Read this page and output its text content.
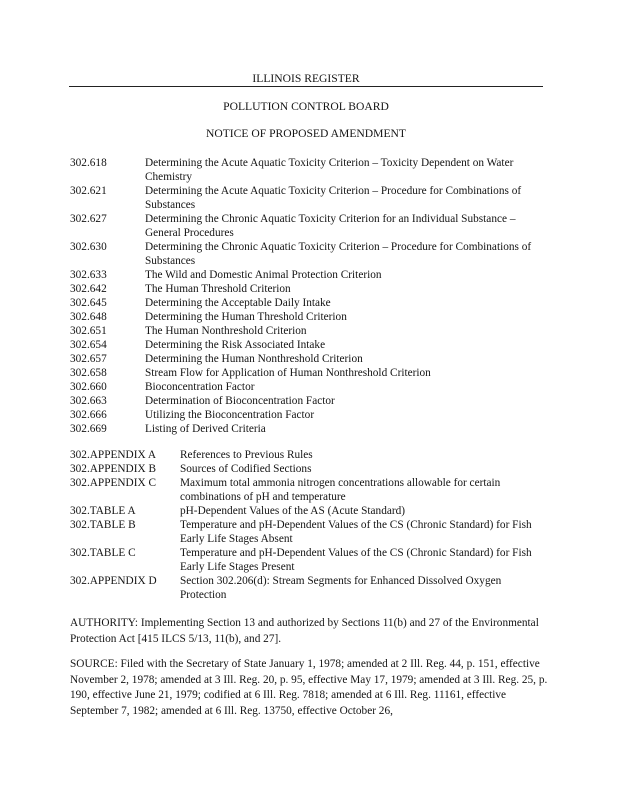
ILLINOIS REGISTER
POLLUTION CONTROL BOARD
NOTICE OF PROPOSED AMENDMENT
302.618	Determining the Acute Aquatic Toxicity Criterion – Toxicity Dependent on Water Chemistry
302.621	Determining the Acute Aquatic Toxicity Criterion – Procedure for Combinations of Substances
302.627	Determining the Chronic Aquatic Toxicity Criterion for an Individual Substance – General Procedures
302.630	Determining the Chronic Aquatic Toxicity Criterion – Procedure for Combinations of Substances
302.633	The Wild and Domestic Animal Protection Criterion
302.642	The Human Threshold Criterion
302.645	Determining the Acceptable Daily Intake
302.648	Determining the Human Threshold Criterion
302.651	The Human Nonthreshold Criterion
302.654	Determining the Risk Associated Intake
302.657	Determining the Human Nonthreshold Criterion
302.658	Stream Flow for Application of Human Nonthreshold Criterion
302.660	Bioconcentration Factor
302.663	Determination of Bioconcentration Factor
302.666	Utilizing the Bioconcentration Factor
302.669	Listing of Derived Criteria
302.APPENDIX A References to Previous Rules
302.APPENDIX B Sources of Codified Sections
302.APPENDIX C Maximum total ammonia nitrogen concentrations allowable for certain combinations of pH and temperature
302.TABLE A	pH-Dependent Values of the AS (Acute Standard)
302.TABLE B	Temperature and pH-Dependent Values of the CS (Chronic Standard) for Fish Early Life Stages Absent
302.TABLE C	Temperature and pH-Dependent Values of the CS (Chronic Standard) for Fish Early Life Stages Present
302.APPENDIX D Section 302.206(d): Stream Segments for Enhanced Dissolved Oxygen Protection
AUTHORITY: Implementing Section 13 and authorized by Sections 11(b) and 27 of the Environmental Protection Act [415 ILCS 5/13, 11(b), and 27].
SOURCE: Filed with the Secretary of State January 1, 1978; amended at 2 Ill. Reg. 44, p. 151, effective November 2, 1978; amended at 3 Ill. Reg. 20, p. 95, effective May 17, 1979; amended at 3 Ill. Reg. 25, p. 190, effective June 21, 1979; codified at 6 Ill. Reg. 7818; amended at 6 Ill. Reg. 11161, effective September 7, 1982; amended at 6 Ill. Reg. 13750, effective October 26,
